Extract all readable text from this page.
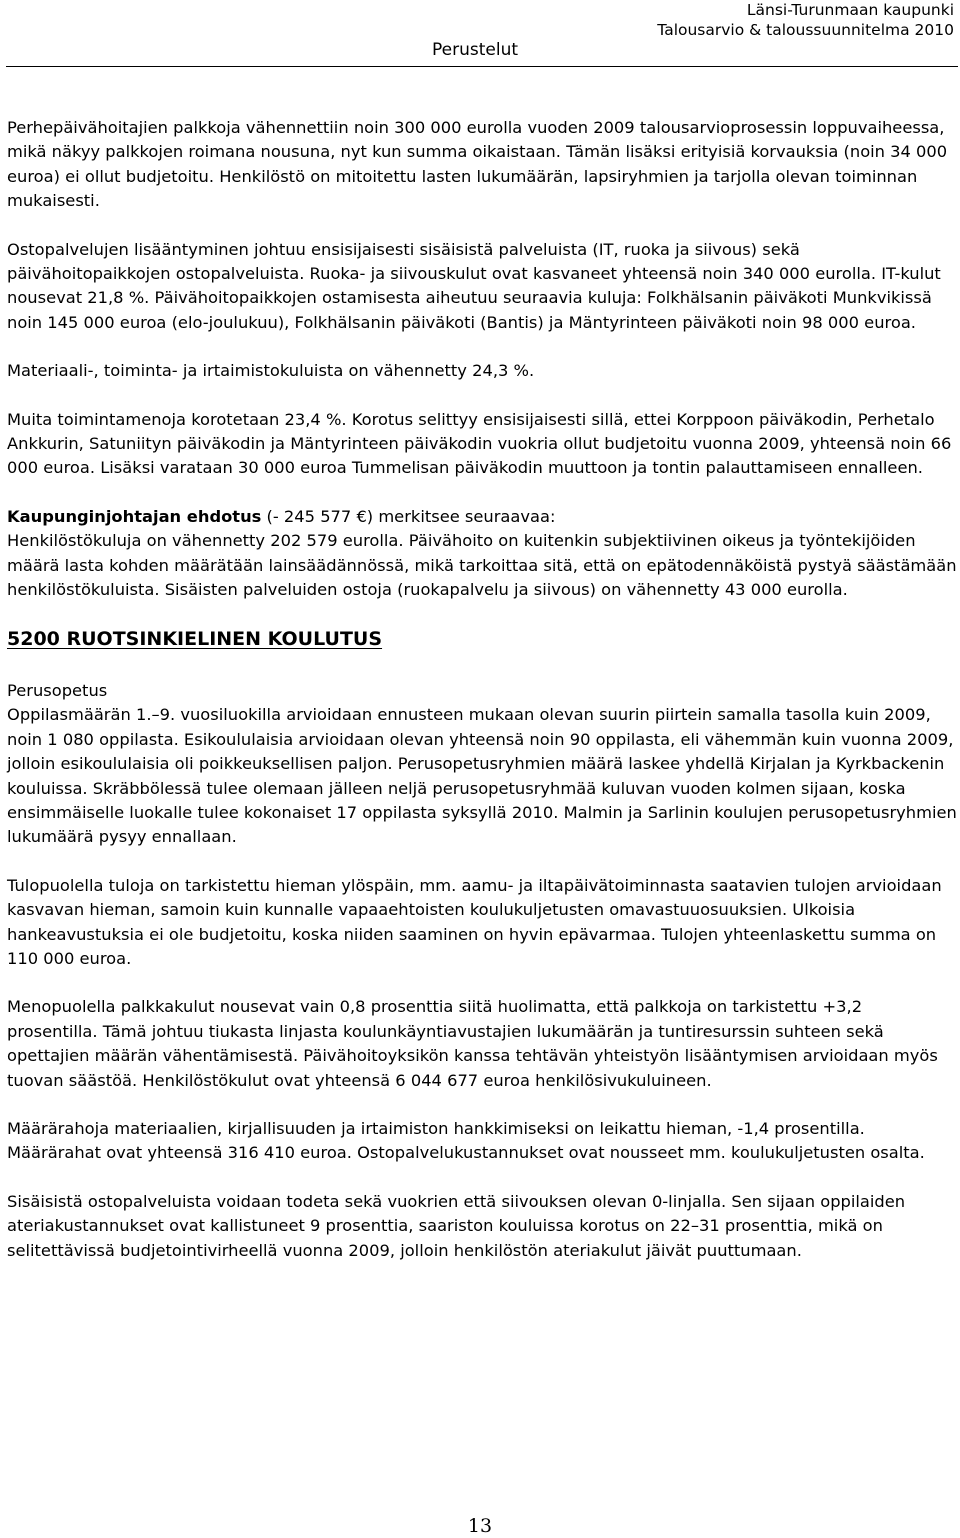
Perustelut
Länsi-Turunmaan kaupunki
Talousarvio & taloussuunnitelma 2010

Perhepäivähoitajien palkkoja vähennettiin noin 300 000 eurolla vuoden 2009 talousarvioprosessin loppuvaiheessa, mikä näkyy palkkojen roimana nousuna, nyt kun summa oikaistaan. Tämän lisäksi erityisiä korvauksia (noin 34 000 euroa) ei ollut budjetoitu. Henkilöstö on mitoitettu lasten lukumäärän, lapsiryhmien ja tarjolla olevan toiminnan mukaisesti.

Ostopalvelujen lisääntyminen johtuu ensisijaisesti sisäisistä palveluista (IT, ruoka ja siivous) sekä päivähoitopaikkojen ostopalveluista. Ruoka- ja siivouskulut ovat kasvaneet yhteensä noin 340 000 eurolla. IT-kulut nousevat 21,8 %. Päivähoitopaikkojen ostamisesta aiheutuu seuraavia kuluja: Folkhälsanin päiväkoti Munkvikissä noin 145 000 euroa (elo-joulukuu), Folkhälsanin päiväkoti (Bantis) ja Mäntyrinteen päiväkoti noin 98 000 euroa.

Materiaali-, toiminta- ja irtaimistokuluista on vähennetty 24,3 %.

Muita toimintamenoja korotetaan 23,4 %. Korotus selittyy ensisijaisesti sillä, ettei Korppoon päiväkodin, Perhetalo Ankkurin, Satuniityn päiväkodin ja Mäntyrinteen päiväkodin vuokria ollut budjetoitu vuonna 2009, yhteensä noin 66 000 euroa. Lisäksi varataan 30 000 euroa Tummelisan päiväkodin muuttoon ja tontin palauttamiseen ennalleen.

Kaupunginjohtajan ehdotus (- 245 577 €) merkitsee seuraavaa:
Henkilöstökuluja on vähennetty 202 579 eurolla. Päivähoito on kuitenkin subjektiivinen oikeus ja työntekijöiden määrä lasta kohden määrätään lainsäädännössä, mikä tarkoittaa sitä, että on epätodennäköistä pystyä säästämään henkilöstökuluista. Sisäisten palveluiden ostoja (ruokapalvelu ja siivous) on vähennetty 43 000 eurolla.

5200 RUOTSINKIELINEN KOULUTUS

Perusopetus
Oppilasmäärän 1.–9. vuosiluokilla arvioidaan ennusteen mukaan olevan suurin piirtein samalla tasolla kuin 2009, noin 1 080 oppilasta. Esikoululaisia arvioidaan olevan yhteensä noin 90 oppilasta, eli vähemmän kuin vuonna 2009, jolloin esikoululaisia oli poikkeuksellisen paljon. Perusopetusryhmien määrä laskee yhdellä Kirjalan ja Kyrkbackenin kouluissa. Skräbbölessä tulee olemaan jälleen neljä perusopetusryhmää kuluvan vuoden kolmen sijaan, koska ensimmäiselle luokalle tulee kokonaiset 17 oppilasta syksyllä 2010. Malmin ja Sarlinin koulujen perusopetusryhmien lukumäärä pysyy ennallaan.

Tulopuolella tuloja on tarkistettu hieman ylöspäin, mm. aamu- ja iltapäivätoiminnasta saatavien tulojen arvioidaan kasvavan hieman, samoin kuin kunnalle vapaaehtoisten koulukuljetusten omavastuuosuuksien. Ulkoisia hankeavustuksia ei ole budjetoitu, koska niiden saaminen on hyvin epävarmaa. Tulojen yhteenlaskettu summa on 110 000 euroa.

Menopuolella palkkakulut nousevat vain 0,8 prosenttia siitä huolimatta, että palkkoja on tarkistettu +3,2 prosentilla. Tämä johtuu tiukasta linjasta koulunkäyntiavustajien lukumäärän ja tuntiresurssin suhteen sekä opettajien määrän vähentämisestä. Päivähoitoyksikön kanssa tehtävän yhteistyön lisääntymisen arvioidaan myös tuovan säästöä. Henkilöstökulut ovat yhteensä 6 044 677 euroa henkilösivukuluineen.

Määrärahoja materiaalien, kirjallisuuden ja irtaimiston hankkimiseksi on leikattu hieman, -1,4 prosentilla. Määrärahat ovat yhteensä 316 410 euroa. Ostopalvelukustannukset ovat nousseet mm. koulukuljetusten osalta.

Sisäisistä ostopalveluista voidaan todeta sekä vuokrien että siivouksen olevan 0-linjalla. Sen sijaan oppilaiden ateriakustannukset ovat kallistuneet 9 prosenttia, saariston kouluissa korotus on 22–31 prosenttia, mikä on selitettävissä budjetointivirheellä vuonna 2009, jolloin henkilöstön ateriakulut jäivät puuttumaan.

13
